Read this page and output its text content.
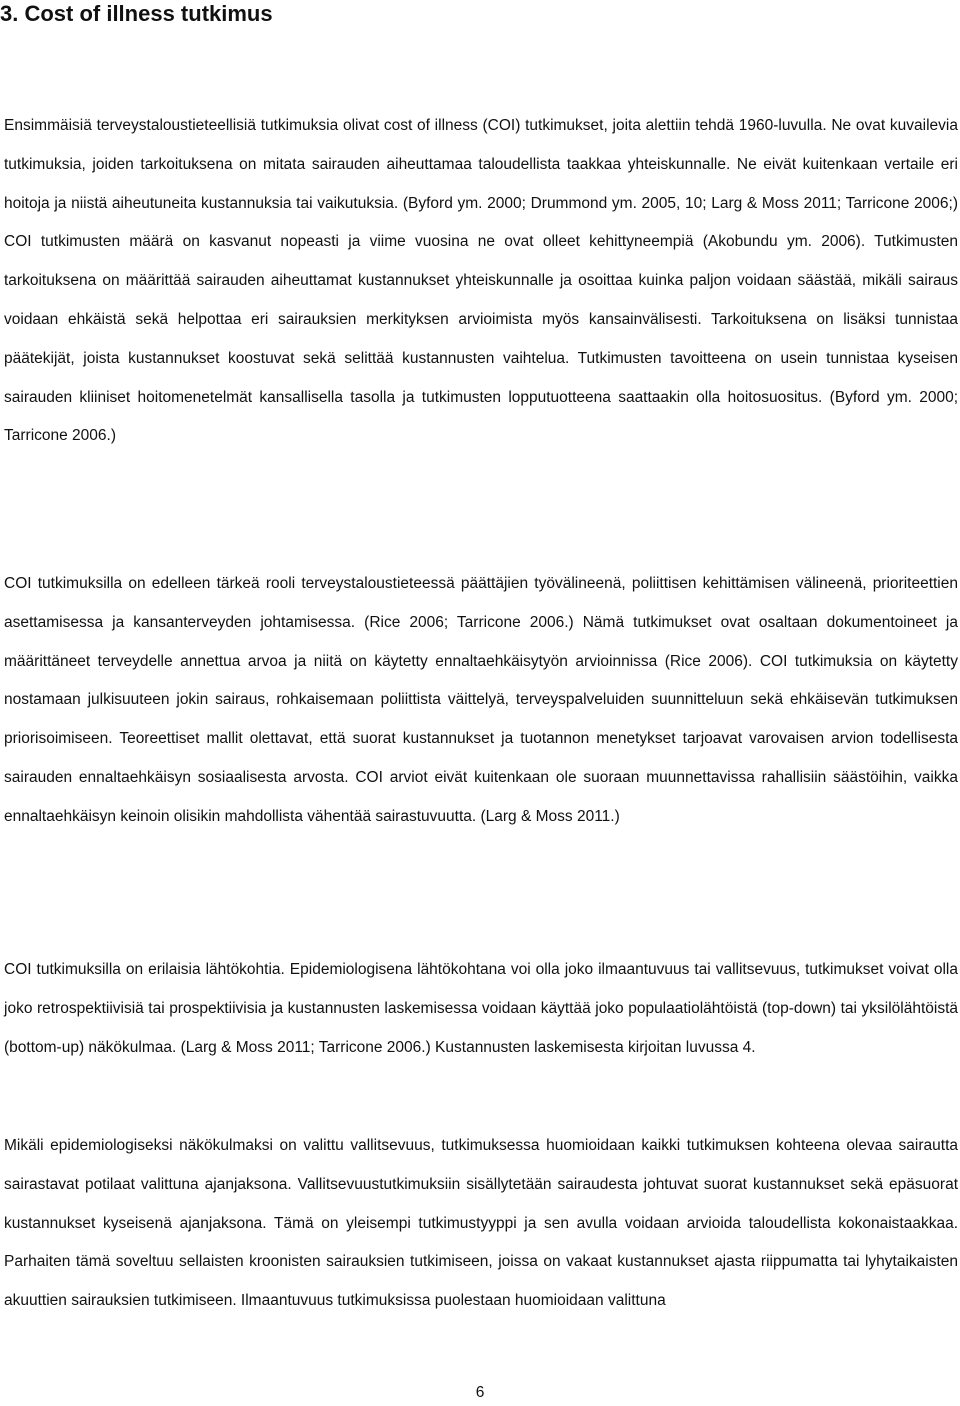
3. Cost of illness tutkimus

Ensimmäisiä terveystaloustieteellisiä tutkimuksia olivat cost of illness (COI) tutkimukset, joita alettiin tehdä 1960-luvulla. Ne ovat kuvailevia tutkimuksia, joiden tarkoituksena on mitata sairauden aiheuttamaa taloudellista taakkaa yhteiskunnalle. Ne eivät kuitenkaan vertaile eri hoitoja ja niistä aiheutuneita kustannuksia tai vaikutuksia. (Byford ym. 2000; Drummond ym. 2005, 10; Larg & Moss 2011; Tarricone 2006;) COI tutkimusten määrä on kasvanut nopeasti ja viime vuosina ne ovat olleet kehittyneempiä (Akobundu ym. 2006). Tutkimusten tarkoituksena on määrittää sairauden aiheuttamat kustannukset yhteiskunnalle ja osoittaa kuinka paljon voidaan säästää, mikäli sairaus voidaan ehkäistä sekä helpottaa eri sairauksien merkityksen arvioimista myös kansainvälisesti. Tarkoituksena on lisäksi tunnistaa päätekijät, joista kustannukset koostuvat sekä selittää kustannusten vaihtelua. Tutkimusten tavoitteena on usein tunnistaa kyseisen sairauden kliiniset hoitomenetelmät kansallisella tasolla ja tutkimusten lopputuotteena saattaakin olla hoitosuositus. (Byford ym. 2000; Tarricone 2006.)

COI tutkimuksilla on edelleen tärkeä rooli terveystaloustieteessä päättäjien työvälineenä, poliittisen kehittämisen välineenä, prioriteettien asettamisessa ja kansanterveyden johtamisessa. (Rice 2006; Tarricone 2006.) Nämä tutkimukset ovat osaltaan dokumentoineet ja määrittäneet terveydelle annettua arvoa ja niitä on käytetty ennaltaehkäisytyön arvioinnissa (Rice 2006). COI tutkimuksia on käytetty nostamaan julkisuuteen jokin sairaus, rohkaisemaan poliittista väittelyä, terveyspalveluiden suunnitteluun sekä ehkäisevän tutkimuksen priorisoimiseen. Teoreettiset mallit olettavat, että suorat kustannukset ja tuotannon menetykset tarjoavat varovaisen arvion todellisesta sairauden ennaltaehkäisyn sosiaalisesta arvosta. COI arviot eivät kuitenkaan ole suoraan muunnettavissa rahallisiin säästöihin, vaikka ennaltaehkäisyn keinoin olisikin mahdollista vähentää sairastuvuutta. (Larg & Moss 2011.)

COI tutkimuksilla on erilaisia lähtökohtia. Epidemiologisena lähtökohtana voi olla joko ilmaantuvuus tai vallitsevuus, tutkimukset voivat olla joko retrospektiivisiä tai prospektiivisia ja kustannusten laskemisessa voidaan käyttää joko populaatiolähtöistä (top-down) tai yksilölähtöistä (bottom-up) näkökulmaa. (Larg & Moss 2011; Tarricone 2006.) Kustannusten laskemisesta kirjoitan luvussa 4.

Mikäli epidemiologiseksi näkökulmaksi on valittu vallitsevuus, tutkimuksessa huomioidaan kaikki tutkimuksen kohteena olevaa sairautta sairastavat potilaat valittuna ajanjaksona. Vallitsevuustutkimuksiin sisällytetään sairaudesta johtuvat suorat kustannukset sekä epäsuorat kustannukset kyseisenä ajanjaksona. Tämä on yleisempi tutkimustyyppi ja sen avulla voidaan arvioida taloudellista kokonaistaakkaa. Parhaiten tämä soveltuu sellaisten kroonisten sairauksien tutkimiseen, joissa on vakaat kustannukset ajasta riippumatta tai lyhytaikaisten akuuttien sairauksien tutkimiseen. Ilmaantuvuus tutkimuksissa puolestaan huomioidaan valittuna

6
